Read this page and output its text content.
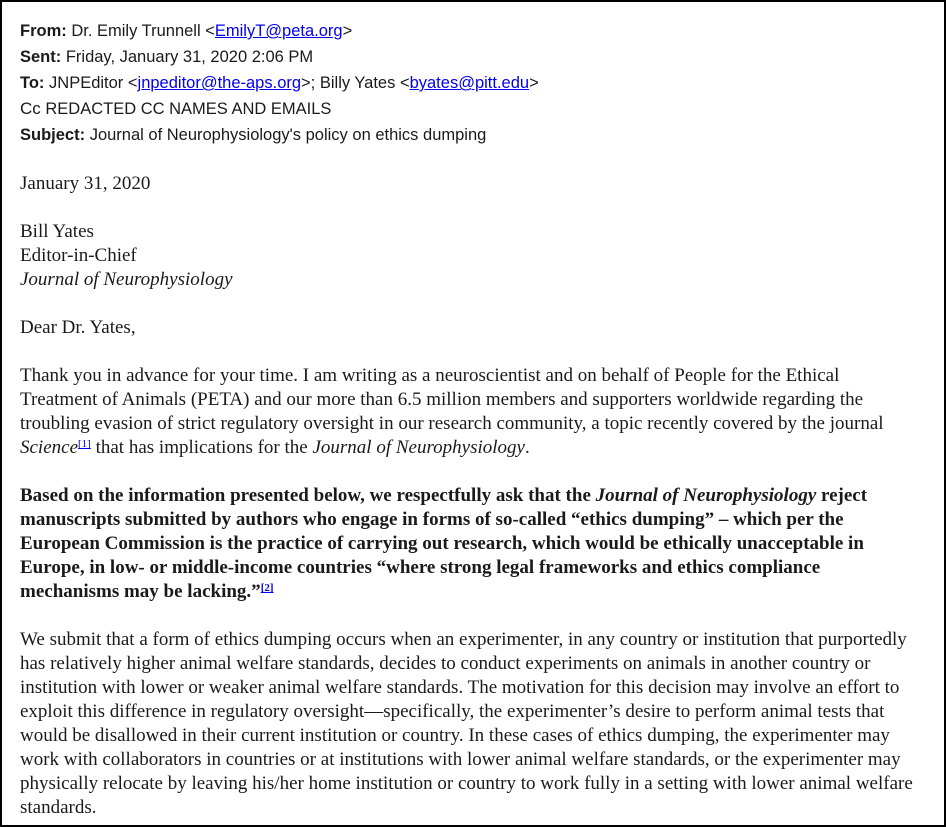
From: Dr. Emily Trunnell <EmilyT@peta.org>
Sent: Friday, January 31, 2020 2:06 PM
To: JNPEditor <jnpeditor@the-aps.org>; Billy Yates <byates@pitt.edu>
Cc REDACTED CC NAMES AND EMAILS
Subject: Journal of Neurophysiology's policy on ethics dumping

January 31, 2020

Bill Yates

Editor-in-Chief

Journal of Neurophysiology

Dear Dr. Yates,

Thank you in advance for your time. I am writing as a neuroscientist and on behalf of People for the Ethical Treatment of Animals (PETA) and our more than 6.5 million members and supporters worldwide regarding the troubling evasion of strict regulatory oversight in our research community, a topic recently covered by the journal Science[1] that has implications for the Journal of Neurophysiology.

Based on the information presented below, we respectfully ask that the Journal of Neurophysiology reject manuscripts submitted by authors who engage in forms of so-called “ethics dumping” – which per the European Commission is the practice of carrying out research, which would be ethically unacceptable in Europe, in low- or middle-income countries “where strong legal frameworks and ethics compliance mechanisms may be lacking.”[2]

We submit that a form of ethics dumping occurs when an experimenter, in any country or institution that purportedly has relatively higher animal welfare standards, decides to conduct experiments on animals in another country or institution with lower or weaker animal welfare standards. The motivation for this decision may involve an effort to exploit this difference in regulatory oversight—specifically, the experimenter’s desire to perform animal tests that would be disallowed in their current institution or country. In these cases of ethics dumping, the experimenter may work with collaborators in countries or at institutions with lower animal welfare standards, or the experimenter may physically relocate by leaving his/her home institution or country to work fully in a setting with lower animal welfare standards.
